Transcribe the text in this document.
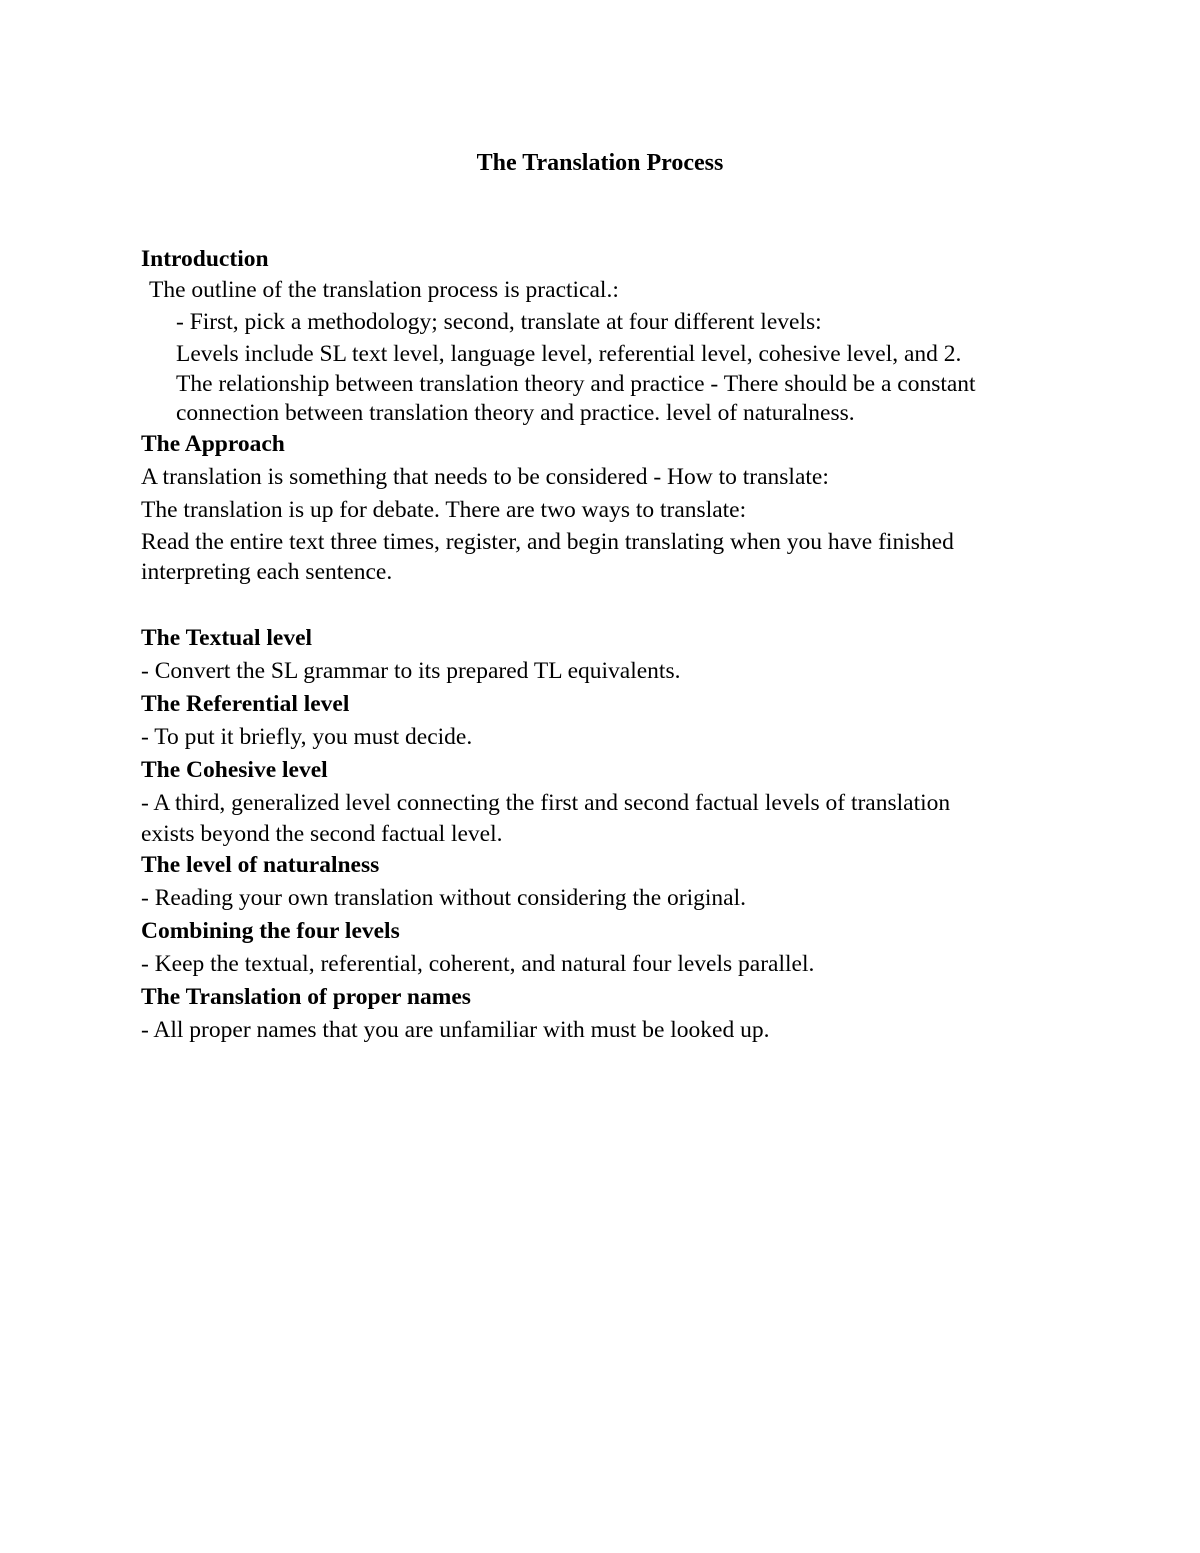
The Translation Process
Introduction
The outline of the translation process is practical.:
- First, pick a methodology; second, translate at four different levels:
Levels include SL text level, language level, referential level, cohesive level, and 2.
The relationship between translation theory and practice - There should be a constant
connection between translation theory and practice. level of naturalness.
The Approach
A translation is something that needs to be considered - How to translate:
The translation is up for debate. There are two ways to translate:
Read the entire text three times, register, and begin translating when you have finished
interpreting each sentence.
The Textual level
- Convert the SL grammar to its prepared TL equivalents.
The Referential level
- To put it briefly, you must decide.
The Cohesive level
- A third, generalized level connecting the first and second factual levels of translation
exists beyond the second factual level.
The level of naturalness
- Reading your own translation without considering the original.
Combining the four levels
- Keep the textual, referential, coherent, and natural four levels parallel.
The Translation of proper names
- All proper names that you are unfamiliar with must be looked up.
